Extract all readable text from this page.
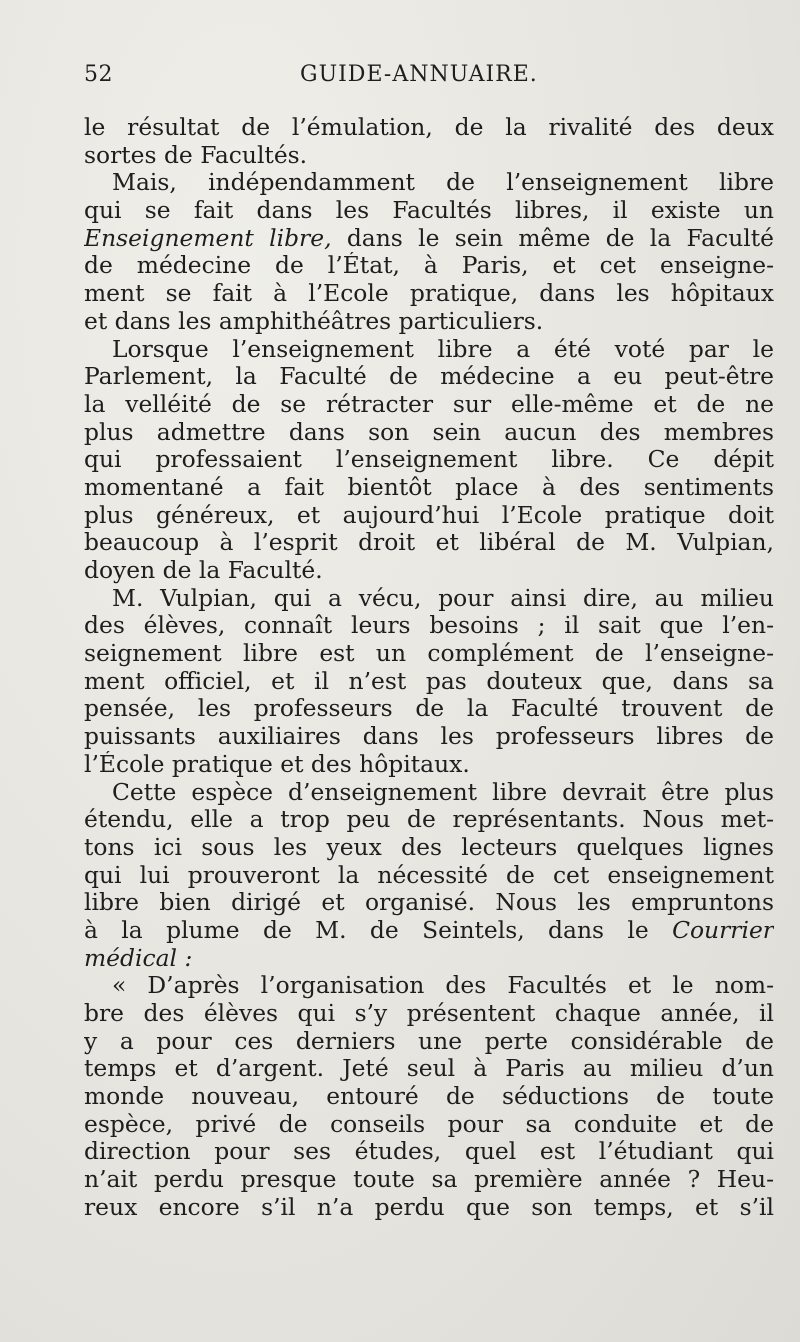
52	GUIDE-ANNUAIRE.
le résultat de l’émulation, de la rivalité des deux
sortes de Facultés.
Mais, indépendamment de l’enseignement libre
qui se fait dans les Facultés libres, il existe un
Enseignement libre, dans le sein même de la Faculté
de médecine de l’État, à Paris, et cet enseigne-
ment se fait à l’Ecole pratique, dans les hôpitaux
et dans les amphithéâtres particuliers.
Lorsque l’enseignement libre a été voté par le
Parlement, la Faculté de médecine a eu peut-être
la velléité de se rétracter sur elle-même et de ne
plus admettre dans son sein aucun des membres
qui professaient l’enseignement libre. Ce dépit
momentané a fait bientôt place à des sentiments
plus généreux, et aujourd’hui l’Ecole pratique doit
beaucoup à l’esprit droit et libéral de M. Vulpian,
doyen de la Faculté.
M. Vulpian, qui a vécu, pour ainsi dire, au milieu
des élèves, connaît leurs besoins ; il sait que l’en-
seignement libre est un complément de l’enseigne-
ment officiel, et il n’est pas douteux que, dans sa
pensée, les professeurs de la Faculté trouvent de
puissants auxiliaires dans les professeurs libres de
l’École pratique et des hôpitaux.
Cette espèce d’enseignement libre devrait être plus
étendu, elle a trop peu de représentants. Nous met-
tons ici sous les yeux des lecteurs quelques lignes
qui lui prouveront la nécessité de cet enseignement
libre bien dirigé et organisé. Nous les empruntons
à la plume de M. de Seintels, dans le Courrier
médical :
« D’après l’organisation des Facultés et le nom-
bre des élèves qui s’y présentent chaque année, il
y a pour ces derniers une perte considérable de
temps et d’argent. Jeté seul à Paris au milieu d’un
monde nouveau, entouré de séductions de toute
espèce, privé de conseils pour sa conduite et de
direction pour ses études, quel est l’étudiant qui
n’ait perdu presque toute sa première année ? Heu-
reux encore s’il n’a perdu que son temps, et s’il
